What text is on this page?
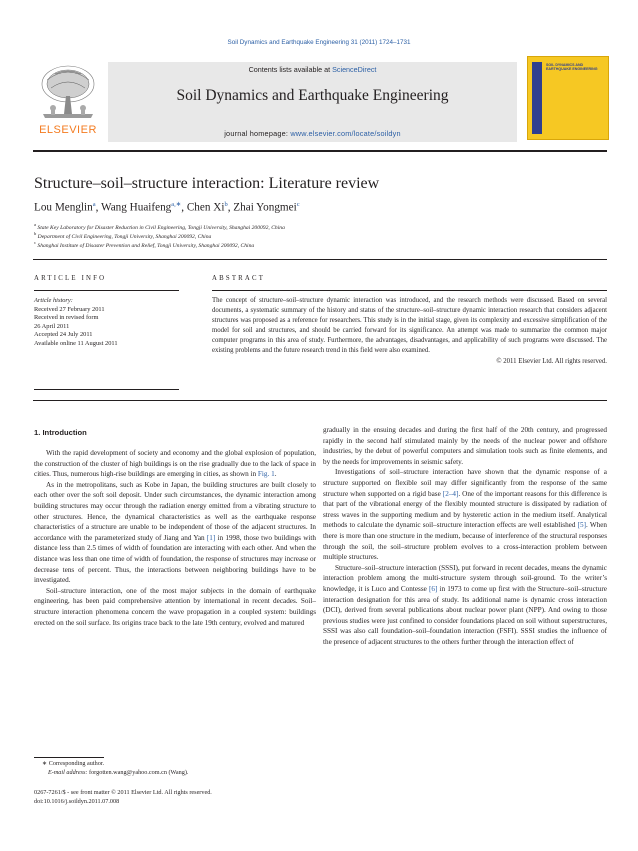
Soil Dynamics and Earthquake Engineering 31 (2011) 1724–1731
ELSEVIER
Contents lists available at ScienceDirect
Soil Dynamics and Earthquake Engineering
journal homepage: www.elsevier.com/locate/soildyn
SOIL DYNAMICS AND EARTHQUAKE ENGINEERING
Structure–soil–structure interaction: Literature review
Lou Menglin$^a$, Wang Huaifeng$^{a,∗}$, Chen Xi$^b$, Zhai Yongmei$^c$
$^a$ State Key Laboratory for Disaster Reduction in Civil Engineering, Tongji University, Shanghai 200092, China
$^b$ Department of Civil Engineering, Tongji University, Shanghai 200092, China
$^c$ Shanghai Institute of Disaster Prevention and Relief, Tongji University, Shanghai 200092, China
ARTICLE INFO	ABSTRACT
Article history:
Received 27 February 2011
Received in revised form
26 April 2011
Accepted 24 July 2011
Available online 11 August 2011
The concept of structure–soil–structure dynamic interaction was introduced, and the research methods were discussed. Based on several documents, a systematic summary of the history and status of the structure–soil–structure dynamic interaction research that considers adjacent structures was proposed as a reference for researchers. This study is in the initial stage, given its complexity and excessive simplification of the model for soil and structures, and should be carried forward for its significance. An attempt was made to summarize the common major computer programs in this area of study. Furthermore, the advantages, disadvantages, and applicability of such programs were discussed. The existing problems and the future research trend in this field were also examined.
© 2011 Elsevier Ltd. All rights reserved.
1. Introduction

With the rapid development of society and economy and the global explosion of population, the construction of the cluster of high buildings is on the rise gradually due to the lack of space in cities. Thus, numerous high-rise buildings are emerging in cities, as shown in Fig. 1.

As in the metropolitans, such as Kobe in Japan, the building structures are built closely to each other over the soft soil deposit. Under such circumstances, the dynamic interaction among building structures may occur through the radiation energy emitted from a vibrating structure to other structures. Hence, the dynamical characteristics as well as the earthquake response characteristics of a structure are unable to be independent of those of the adjacent structures. In accordance with the parameterized study of Jiang and Yan [1] in 1998, those two buildings with distance less than 2.5 times of width of foundation are interacting with each other. And when the distance was less than one time of width of foundation, the response of structures may increase or decrease tens of percent. Thus, the interactions between neighboring buildings have to be investigated.

Soil–structure interaction, one of the most major subjects in the domain of earthquake engineering, has been paid comprehensive attention by international in recent decades. Soil–structure interaction phenomena concern the wave propagation in a coupled system: buildings erected on the soil surface. Its origins trace back to the late 19th century, evolved and matured

gradually in the ensuing decades and during the first half of the 20th century, and progressed rapidly in the second half stimulated mainly by the needs of the nuclear power and offshore industries, by the debut of powerful computers and simulation tools such as finite elements, and by the needs for improvements in seismic safety.

Investigations of soil–structure interaction have shown that the dynamic response of a structure supported on flexible soil may differ significantly from the response of the same structure when supported on a rigid base [2–4]. One of the important reasons for this difference is that part of the vibrational energy of the flexibly mounted structure is dissipated by radiation of stress waves in the supporting medium and by hysteretic action in the medium itself. Analytical methods to calculate the dynamic soil–structure interaction effects are well established [5]. When there is more than one structure in the medium, because of interference of the structural responses through the soil, the soil–structure problem evolves to a cross-interaction problem between multiple structures.

Structure–soil–structure interaction (SSSI), put forward in recent decades, means the dynamic interaction problem among the multi-structure system through soil-ground. To the writer’s knowledge, it is Luco and Contesse [6] in 1973 to come up first with the Structure–soil–structure interaction designation for this area of study. Its additional name is dynamic cross interaction (DCI), derived from several publications about nuclear power plant (NPP). And owing to those previous studies were just confined to consider foundations placed on soil without superstructures, SSSI was also call foundation–soil–foundation interaction (FSFI). SSSI studies the influence of the presence of adjacent structures to the others further through the interaction effect of

∗ Corresponding author.
E-mail address: forgotten.wang@yahoo.com.cn (Wang).
0267-7261/$ - see front matter © 2011 Elsevier Ltd. All rights reserved.
doi:10.1016/j.soildyn.2011.07.008
